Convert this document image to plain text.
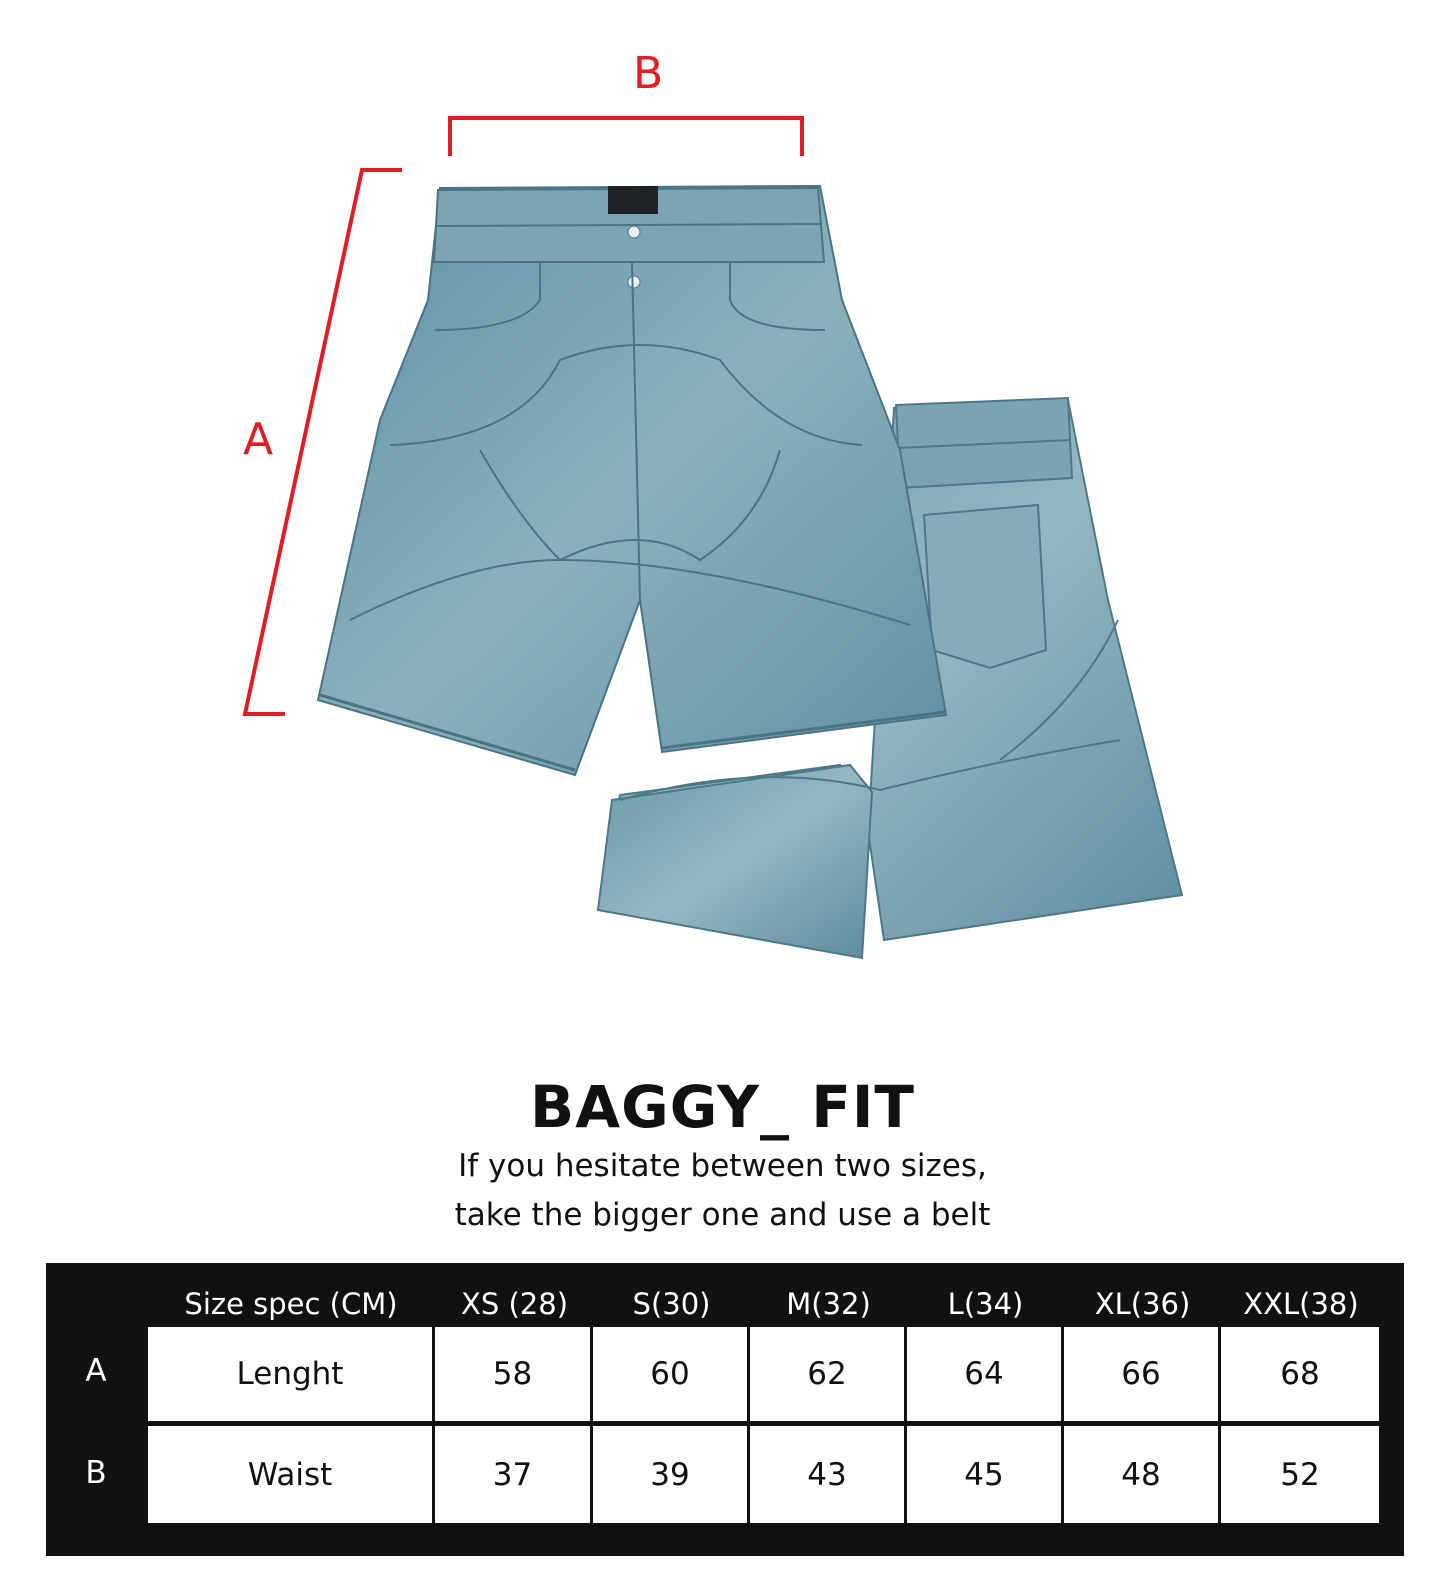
B
A
BAGGY_ FIT
If you hesitate between two sizes,
take the bigger one and use a belt
Size spec (CM)	XS (28)	S(30)	M(32)	L(34)	XL(36)	XXL(38)
A	Lenght	58	60	62	64	66	68
B	Waist	37	39	43	45	48	52
